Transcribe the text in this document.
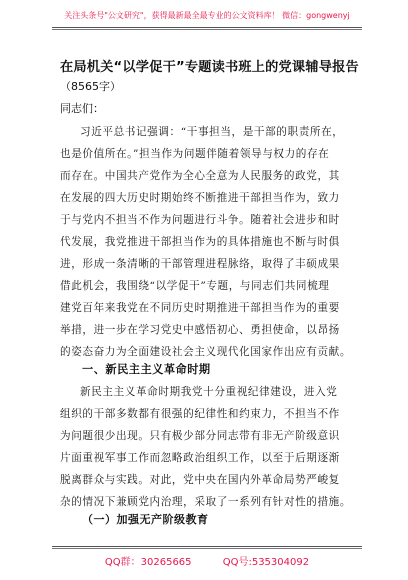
关注头条号"公文研究"，获得最新最全最专业的公文资料库！ 微信：gongwenyj
在局机关“以学促干”专题读书班上的党课辅导报告
（8565字）
同志们：
习近平总书记强调：“干事担当，是干部的职责所在，
也是价值所在。”担当作为问题伴随着领导与权力的存在
而存在。中国共产党作为全心全意为人民服务的政党，其
在发展的四大历史时期始终不断推进干部担当作为，致力
于与党内不担当不作为问题进行斗争。随着社会进步和时
代发展，我党推进干部担当作为的具体措施也不断与时俱
进，形成一条清晰的干部管理进程脉络，取得了丰硕成果
借此机会，我围绕“以学促干”专题，与同志们共同梳理
建党百年来我党在不同历史时期推进干部担当作为的重要
举措，进一步在学习党史中感悟初心、勇担使命，以昂扬
的姿态奋力为全面建设社会主义现代化国家作出应有贡献。
一、新民主主义革命时期
新民主主义革命时期我党十分重视纪律建设，进入党
组织的干部多数都有很强的纪律性和约束力，不担当不作
为问题很少出现。只有极少部分同志带有非无产阶级意识
片面重视军事工作而忽略政治组织工作，以至于后期逐渐
脱离群众与实践。对此，党中央在国内外革命局势严峻复
杂的情况下兼顾党内治理，采取了一系列有针对性的措施。
（一）加强无产阶级教育
QQ群：30265665	QQ号:535304092
